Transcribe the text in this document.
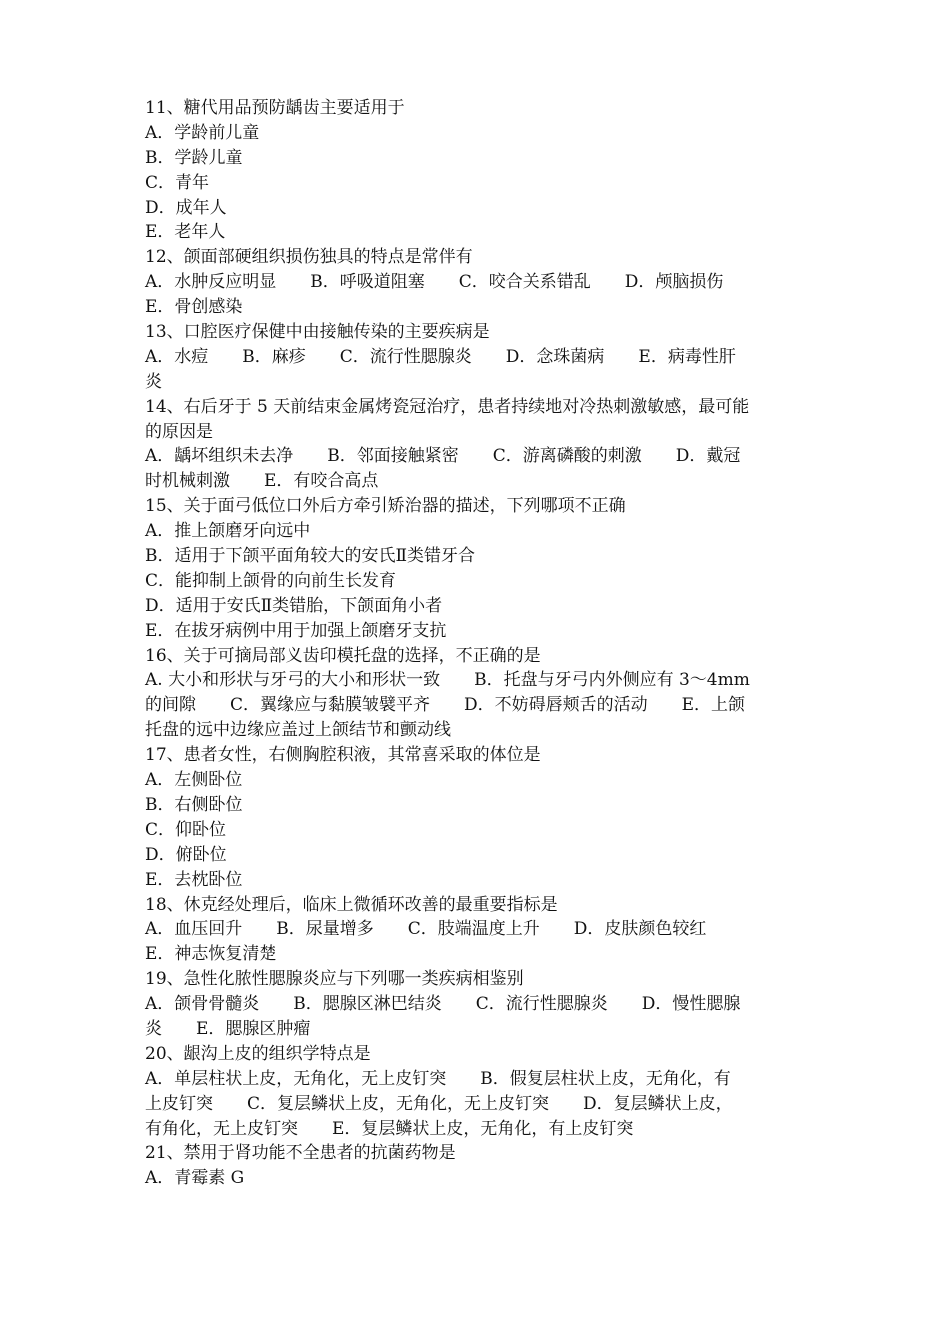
11、糖代用品预防龋齿主要适用于
A．学龄前儿童
B．学龄儿童
C．青年
D．成年人
E．老年人
12、颌面部硬组织损伤独具的特点是常伴有
A．水肿反应明显　　B．呼吸道阻塞　　C．咬合关系错乱　　D．颅脑损伤
E．骨创感染
13、口腔医疗保健中由接触传染的主要疾病是
A．水痘　　B．麻疹　　C．流行性腮腺炎　　D．念珠菌病　　E．病毒性肝
炎
14、右后牙于 5 天前结束金属烤瓷冠治疗，患者持续地对冷热刺激敏感，最可能
的原因是
A．龋坏组织未去净　　B．邻面接触紧密　　C．游离磷酸的刺激　　D．戴冠
时机械刺激　　E．有咬合高点
15、关于面弓低位口外后方牵引矫治器的描述，下列哪项不正确
A．推上颌磨牙向远中
B．适用于下颌平面角较大的安氏Ⅱ类错牙合
C．能抑制上颌骨的向前生长发育
D．适用于安氏Ⅱ类错胎，下颌面角小者
E．在拔牙病例中用于加强上颌磨牙支抗
16、关于可摘局部义齿印模托盘的选择，不正确的是
A. 大小和形状与牙弓的大小和形状一致　　B．托盘与牙弓内外侧应有 3～4mm
的间隙　　C．翼缘应与黏膜皱襞平齐　　D．不妨碍唇颊舌的活动　　E．上颌
托盘的远中边缘应盖过上颌结节和颤动线
17、患者女性，右侧胸腔积液，其常喜采取的体位是
A．左侧卧位
B．右侧卧位
C．仰卧位
D．俯卧位
E．去枕卧位
18、休克经处理后，临床上微循环改善的最重要指标是
A．血压回升　　B．尿量增多　　C．肢端温度上升　　D．皮肤颜色较红
E．神志恢复清楚
19、急性化脓性腮腺炎应与下列哪一类疾病相鉴别
A．颌骨骨髓炎　　B．腮腺区淋巴结炎　　C．流行性腮腺炎　　D．慢性腮腺
炎　　E．腮腺区肿瘤
20、龈沟上皮的组织学特点是
A．单层柱状上皮，无角化，无上皮钉突　　B．假复层柱状上皮，无角化，有
上皮钉突　　C．复层鳞状上皮，无角化，无上皮钉突　　D．复层鳞状上皮，
有角化，无上皮钉突　　E．复层鳞状上皮，无角化，有上皮钉突
21、禁用于肾功能不全患者的抗菌药物是
A．青霉素 G
